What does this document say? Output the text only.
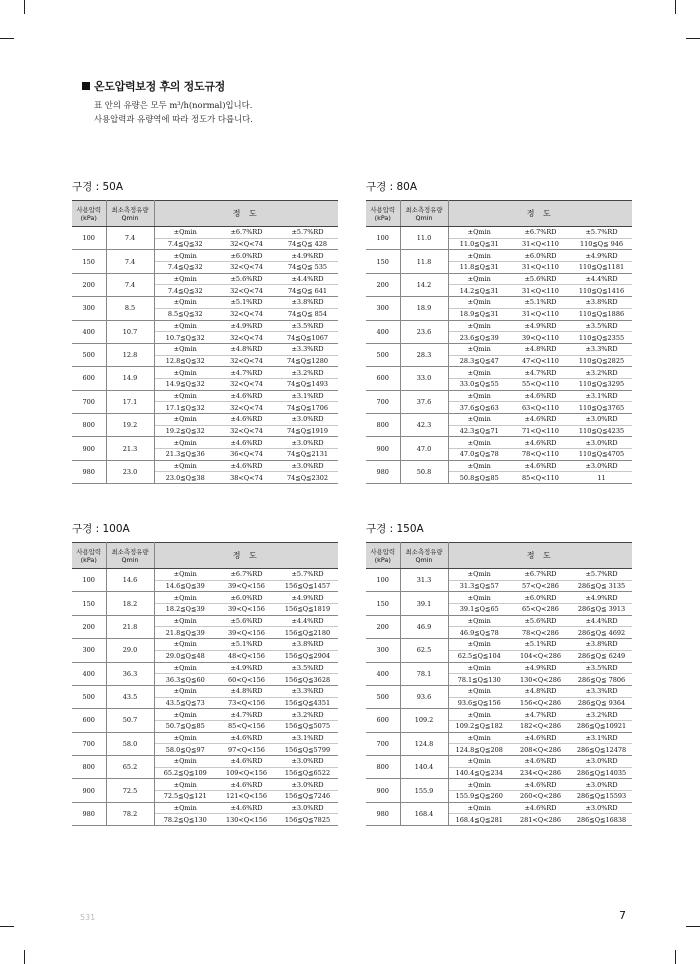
온도압력보정 후의 정도규정
표 안의 유량은 모두 m³/h(normal)입니다.
사용압력과 유량역에 따라 정도가 다릅니다.
구경 : 50A
사용압력
(kPa)	최소측정유량
Qmin	정 도		
100	7.4	±Qmin	±6.7%RD	±5.7%RD
		7.4≦Q≦32	32<Q<74	74≦Q≦ 428
150	7.4	±Qmin	±6.0%RD	±4.9%RD
		7.4≦Q≦32	32<Q<74	74≦Q≦ 535
200	7.4	±Qmin	±5.6%RD	±4.4%RD
		7.4≦Q≦32	32<Q<74	74≦Q≦ 641
300	8.5	±Qmin	±5.1%RD	±3.8%RD
		8.5≦Q≦32	32<Q<74	74≦Q≦ 854
400	10.7	±Qmin	±4.9%RD	±3.5%RD
		10.7≦Q≦32	32<Q<74	74≦Q≦1067
500	12.8	±Qmin	±4.8%RD	±3.3%RD
		12.8≦Q≦32	32<Q<74	74≦Q≦1280
600	14.9	±Qmin	±4.7%RD	±3.2%RD
		14.9≦Q≦32	32<Q<74	74≦Q≦1493
700	17.1	±Qmin	±4.6%RD	±3.1%RD
		17.1≦Q≦32	32<Q<74	74≦Q≦1706
800	19.2	±Qmin	±4.6%RD	±3.0%RD
		19.2≦Q≦32	32<Q<74	74≦Q≦1919
900	21.3	±Qmin	±4.6%RD	±3.0%RD
		21.3≦Q≦36	36<Q<74	74≦Q≦2131
980	23.0	±Qmin	±4.6%RD	±3.0%RD
		23.0≦Q≦38	38<Q<74	74≦Q≦2302
구경 : 80A
사용압력
(kPa)	최소측정유량
Qmin	정 도		
100	11.0	±Qmin	±6.7%RD	±5.7%RD
		11.0≦Q≦31	31<Q<110	110≦Q≦ 946
150	11.8	±Qmin	±6.0%RD	±4.9%RD
		11.8≦Q≦31	31<Q<110	110≦Q≦1181
200	14.2	±Qmin	±5.6%RD	±4.4%RD
		14.2≦Q≦31	31<Q<110	110≦Q≦1416
300	18.9	±Qmin	±5.1%RD	±3.8%RD
		18.9≦Q≦31	31<Q<110	110≦Q≦1886
400	23.6	±Qmin	±4.9%RD	±3.5%RD
		23.6≦Q≦39	39<Q<110	110≦Q≦2355
500	28.3	±Qmin	±4.8%RD	±3.3%RD
		28.3≦Q≦47	47<Q<110	110≦Q≦2825
600	33.0	±Qmin	±4.7%RD	±3.2%RD
		33.0≦Q≦55	55<Q<110	110≦Q≦3295
700	37.6	±Qmin	±4.6%RD	±3.1%RD
		37.6≦Q≦63	63<Q<110	110≦Q≦3765
800	42.3	±Qmin	±4.6%RD	±3.0%RD
		42.3≦Q≦71	71<Q<110	110≦Q≦4235
900	47.0	±Qmin	±4.6%RD	±3.0%RD
		47.0≦Q≦78	78<Q<110	110≦Q≦4705
980	50.8	±Qmin	±4.6%RD	±3.0%RD
		50.8≦Q≦85	85<Q<110	11
구경 : 100A
사용압력
(kPa)	최소측정유량
Qmin	정 도		
100	14.6	±Qmin	±6.7%RD	±5.7%RD
		14.6≦Q≦39	39<Q<156	156≦Q≦1457
150	18.2	±Qmin	±6.0%RD	±4.9%RD
		18.2≦Q≦39	39<Q<156	156≦Q≦1819
200	21.8	±Qmin	±5.6%RD	±4.4%RD
		21.8≦Q≦39	39<Q<156	156≦Q≦2180
300	29.0	±Qmin	±5.1%RD	±3.8%RD
		29.0≦Q≦48	48<Q<156	156≦Q≦2904
400	36.3	±Qmin	±4.9%RD	±3.5%RD
		36.3≦Q≦60	60<Q<156	156≦Q≦3628
500	43.5	±Qmin	±4.8%RD	±3.3%RD
		43.5≦Q≦73	73<Q<156	156≦Q≦4351
600	50.7	±Qmin	±4.7%RD	±3.2%RD
		50.7≦Q≦85	85<Q<156	156≦Q≦5075
700	58.0	±Qmin	±4.6%RD	±3.1%RD
		58.0≦Q≦97	97<Q<156	156≦Q≦5799
800	65.2	±Qmin	±4.6%RD	±3.0%RD
		65.2≦Q≦109	109<Q<156	156≦Q≦6522
900	72.5	±Qmin	±4.6%RD	±3.0%RD
		72.5≦Q≦121	121<Q<156	156≦Q≦7246
980	78.2	±Qmin	±4.6%RD	±3.0%RD
		78.2≦Q≦130	130<Q<156	156≦Q≦7825
구경 : 150A
사용압력
(kPa)	최소측정유량
Qmin	정 도		
100	31.3	±Qmin	±6.7%RD	±5.7%RD
		31.3≦Q≦57	57<Q<286	286≦Q≦ 3135
150	39.1	±Qmin	±6.0%RD	±4.9%RD
		39.1≦Q≦65	65<Q<286	286≦Q≦ 3913
200	46.9	±Qmin	±5.6%RD	±4.4%RD
		46.9≦Q≦78	78<Q<286	286≦Q≦ 4692
300	62.5	±Qmin	±5.1%RD	±3.8%RD
		62.5≦Q≦104	104<Q<286	286≦Q≦ 6249
400	78.1	±Qmin	±4.9%RD	±3.5%RD
		78.1≦Q≦130	130<Q<286	286≦Q≦ 7806
500	93.6	±Qmin	±4.8%RD	±3.3%RD
		93.6≦Q≦156	156<Q<286	286≦Q≦ 9364
600	109.2	±Qmin	±4.7%RD	±3.2%RD
		109.2≦Q≦182	182<Q<286	286≦Q≦10921
700	124.8	±Qmin	±4.6%RD	±3.1%RD
		124.8≦Q≦208	208<Q<286	286≦Q≦12478
800	140.4	±Qmin	±4.6%RD	±3.0%RD
		140.4≦Q≦234	234<Q<286	286≦Q≦14035
900	155.9	±Qmin	±4.6%RD	±3.0%RD
		155.9≦Q≦260	260<Q<286	286≦Q≦15593
980	168.4	±Qmin	±4.6%RD	±3.0%RD
		168.4≦Q≦281	281<Q<286	286≦Q≦16838
531	7
